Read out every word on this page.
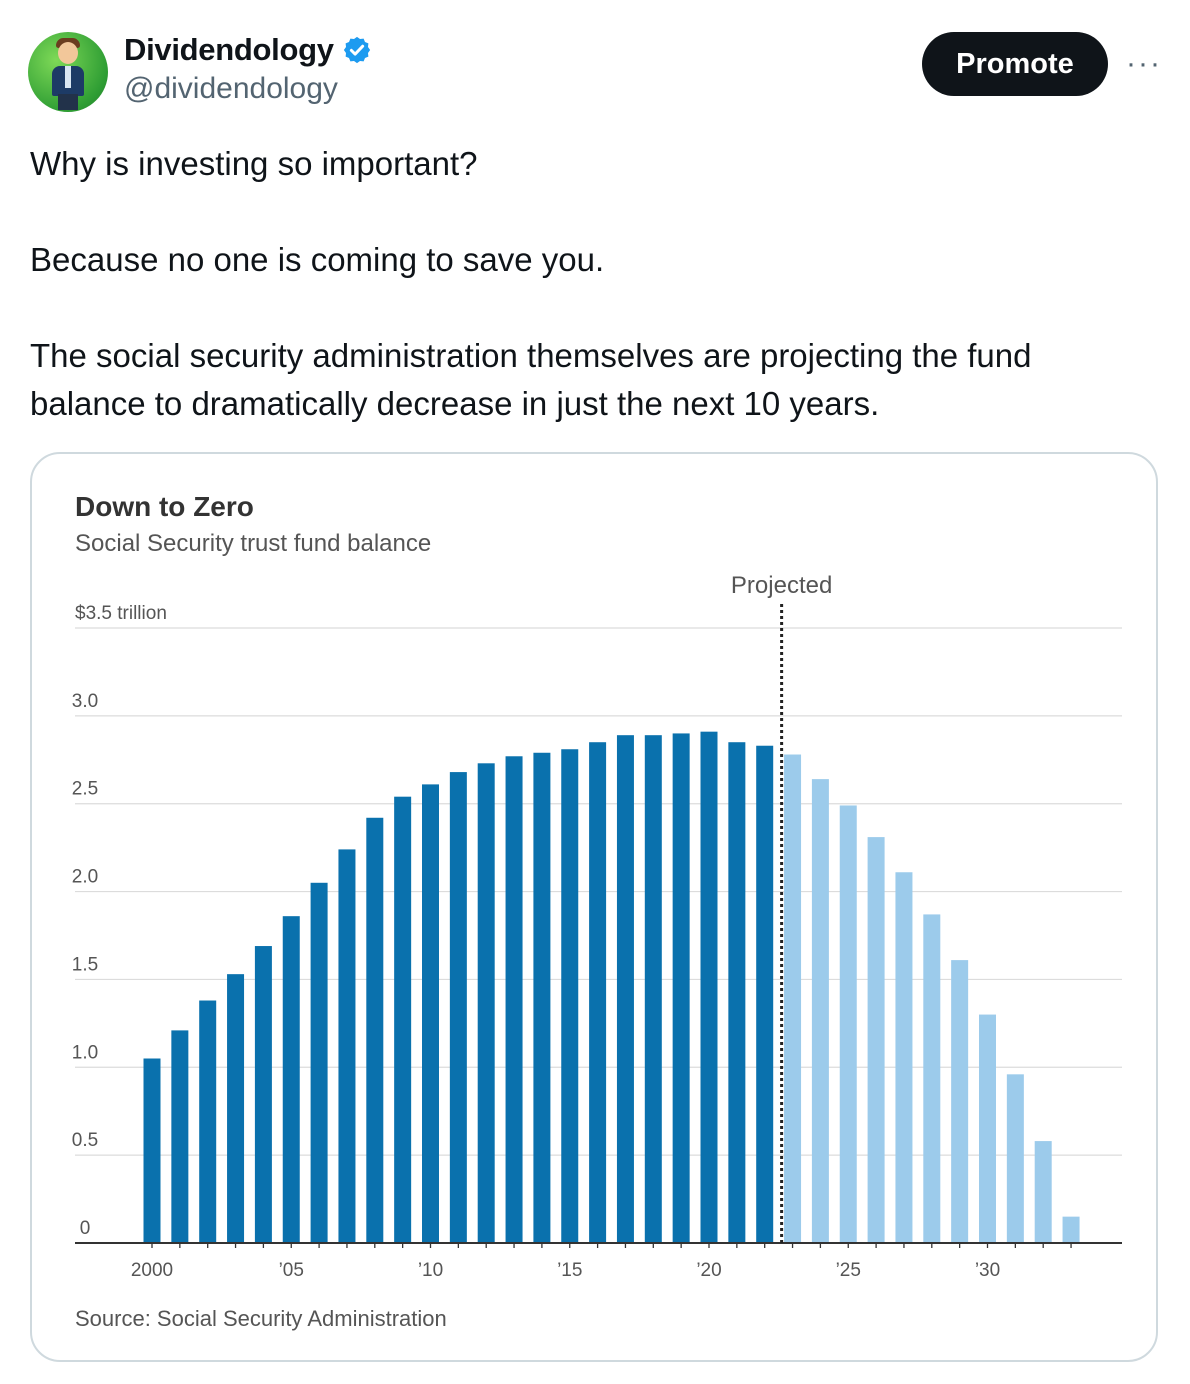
Dividendology
@dividendology
Promote	···

Why is investing so important?

Because no one is coming to save you.

The social security administration themselves are projecting the fund balance to dramatically decrease in just the next 10 years.

Down to Zero
Social Security trust fund balance
0
0.5
1.0
1.5
2.0
2.5
3.0
$3.5 trillion
2000	’05	’10	’15	’20	’25	’30
Projected
Source: Social Security Administration
